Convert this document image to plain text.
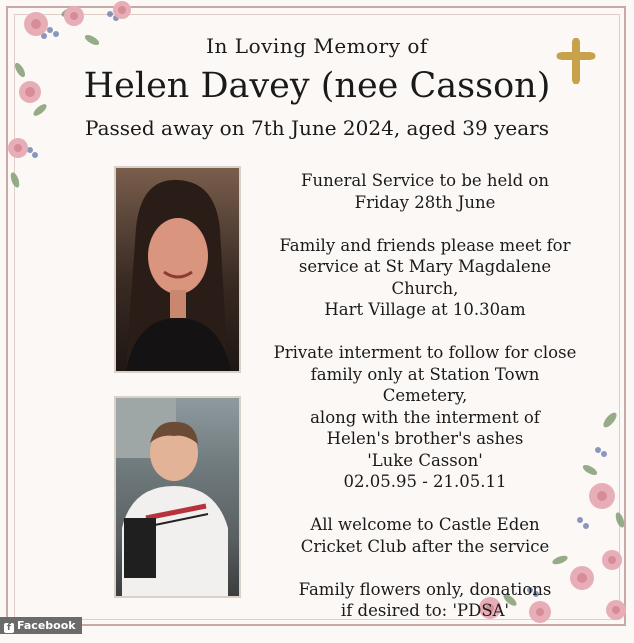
In Loving Memory of
Helen Davey (nee Casson)
Passed away on 7th June 2024, aged 39 years

Funeral Service to be held on
Friday 28th June

Family and friends please meet for
service at St Mary Magdalene Church,
Hart Village at 10.30am

Private interment to follow for close
family only at Station Town Cemetery,
along with the interment of
Helen's brother's ashes
'Luke Casson'
02.05.95 - 21.05.11

All welcome to Castle Eden
Cricket Club after the service

Family flowers only, donations
if desired to: 'PDSA'

f Facebook
